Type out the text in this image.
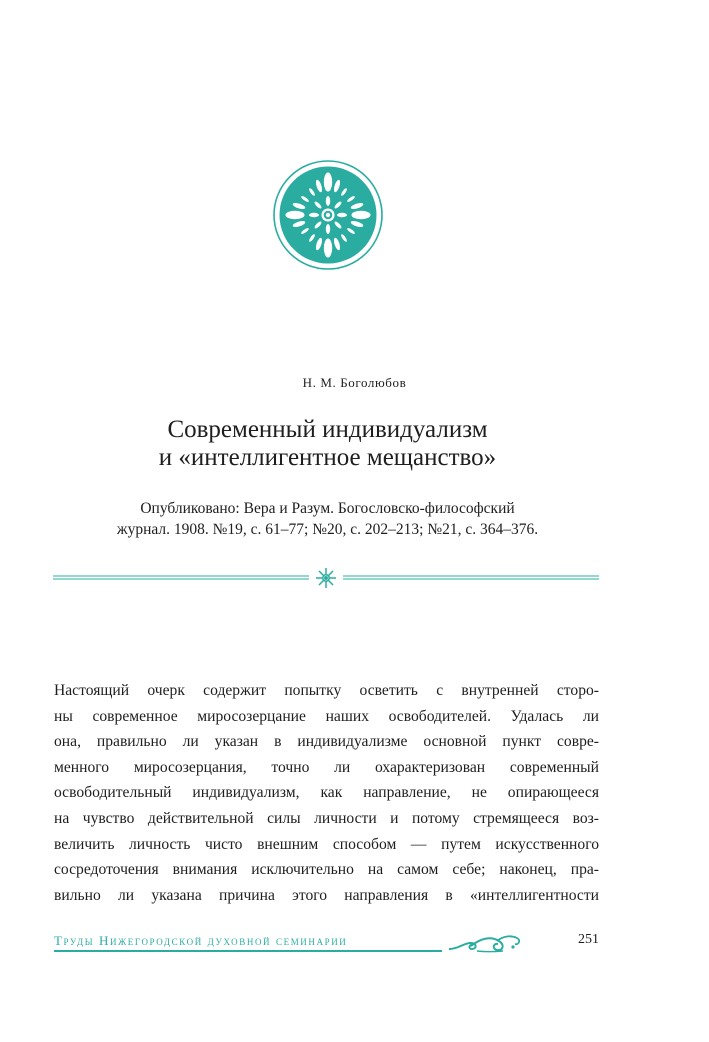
Н. М. Боголюбов
Современный индивидуализм
и «интеллигентное мещанство»
Опубликовано: Вера и Разум. Богословско-философский
журнал. 1908. №19, с. 61–77; №20, с. 202–213; №21, с. 364–376.
Настоящий очерк содержит попытку осветить с внутренней сторо-
ны современное миросозерцание наших освободителей. Удалась ли
она, правильно ли указан в индивидуализме основной пункт совре-
менного миросозерцания, точно ли охарактеризован современный
освободительный индивидуализм, как направление, не опирающееся
на чувство действительной силы личности и потому стремящееся воз-
величить личность чисто внешним способом — путем искусственного
сосредоточения внимания исключительно на самом себе; наконец, пра-
вильно ли указана причина этого направления в «интеллигентности
Труды Нижегородской духовной семинарии	251
